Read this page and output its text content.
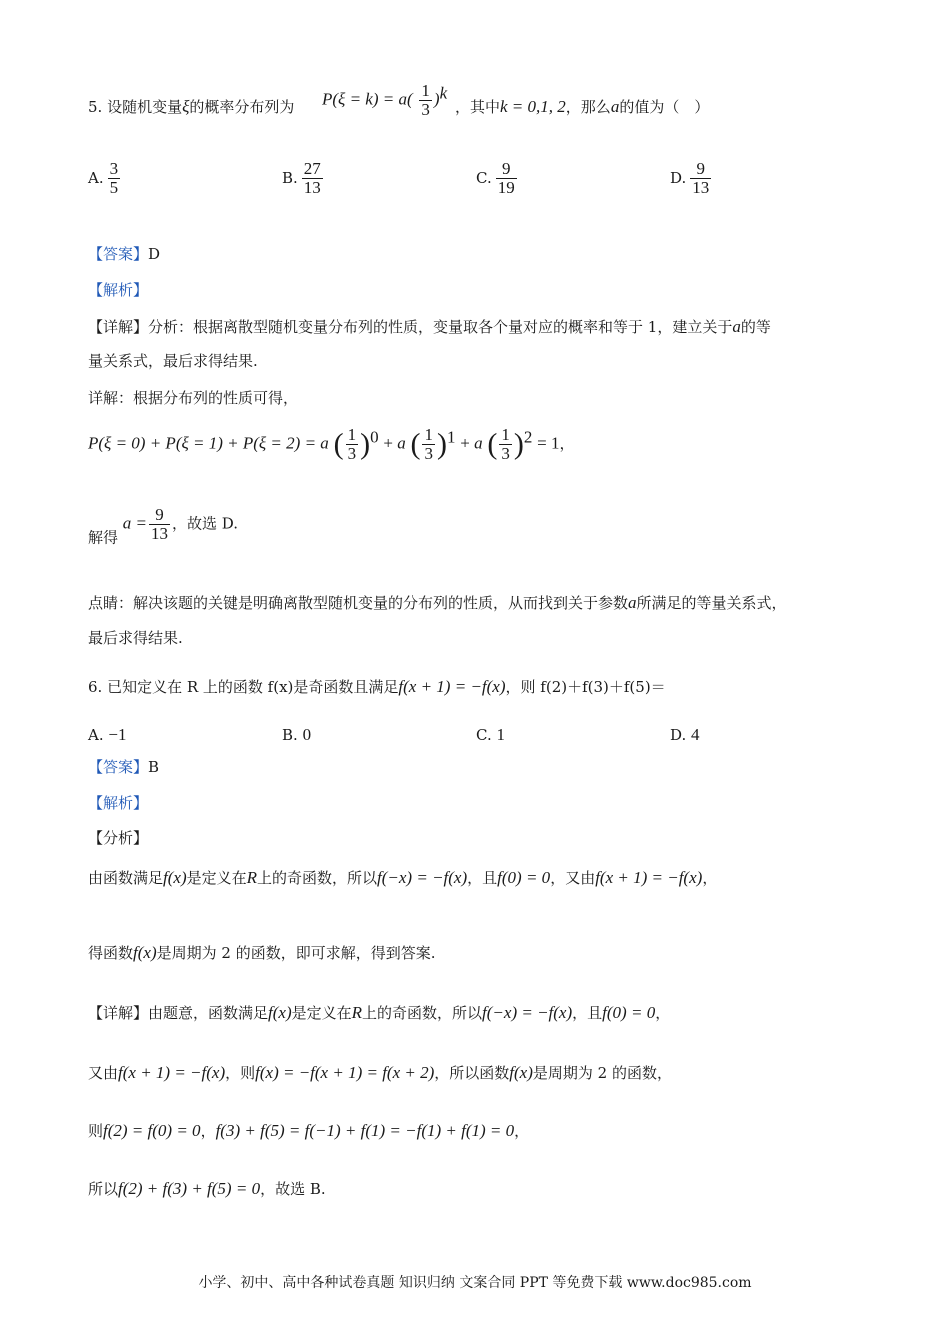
5. 设随机变量ξ的概率分布列为 $P(\xi = k) = a( \frac{1}{3} )^k$
，其中k = 0,1, 2，那么a的值为（　）
A. $\frac{3}{5}$	B. $\frac{27}{13}$	C. $\frac{9}{19}$	D. $\frac{9}{13}$
【答案】D
【解析】
【详解】分析：根据离散型随机变量分布列的性质，变量取各个量对应的概率和等于 1，建立关于a的等
量关系式，最后求得结果.
详解：根据分布列的性质可得，
P(ξ = 0) + P(ξ = 1) + P(ξ = 2) = a ( $\frac{1}{3} )^0 + a$ ( $\frac{1}{3} )^1 + a$ ( $\frac{1}{3} )^2 = 1$，
解得 $a = \frac{9}{13}$ ，故选 D.
点睛：解决该题的关键是明确离散型随机变量的分布列的性质，从而找到关于参数a所满足的等量关系式，
最后求得结果.
6. 已知定义在 R 上的函数 f(x)是奇函数且满足f(x + 1) = −f(x)，则 f(2)＋f(3)＋f(5)＝
A. −1	B. 0	C. 1	D. 4
【答案】B
【解析】
【分析】
由函数满足f(x)是定义在R上的奇函数，所以f(−x) = −f(x)，且f(0) = 0，又由f(x + 1) = −f(x)，
得函数f(x)是周期为 2 的函数，即可求解，得到答案.
【详解】由题意，函数满足f(x)是定义在R上的奇函数，所以f(−x) = −f(x)，且f(0) = 0，
又由f(x + 1) = −f(x)，则f(x) = −f(x + 1) = f(x + 2)，所以函数f(x)是周期为 2 的函数，
则f(2) = f(0) = 0，f(3) + f(5) = f(−1) + f(1) = −f(1) + f(1) = 0，
所以f(2) + f(3) + f(5) = 0，故选 B.
小学、初中、高中各种试卷真题 知识归纳 文案合同 PPT 等免费下载 www.doc985.com
